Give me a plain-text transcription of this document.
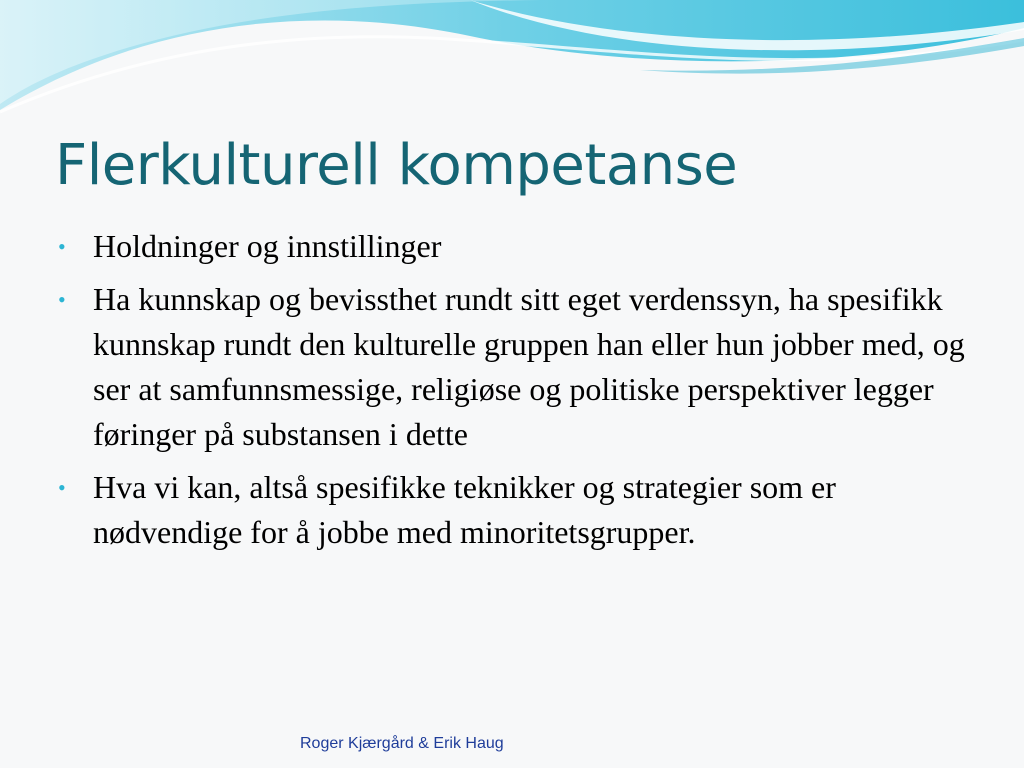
Flerkulturell kompetanse
• Holdninger og innstillinger
• Ha kunnskap og bevissthet rundt sitt eget verdenssyn, ha spesifikk kunnskap rundt den kulturelle gruppen han eller hun jobber med, og ser at samfunnsmessige, religiøse og politiske perspektiver legger føringer på substansen i dette
• Hva vi kan, altså spesifikke teknikker og strategier som er nødvendige for å jobbe med minoritetsgrupper.
Roger Kjærgård & Erik Haug
